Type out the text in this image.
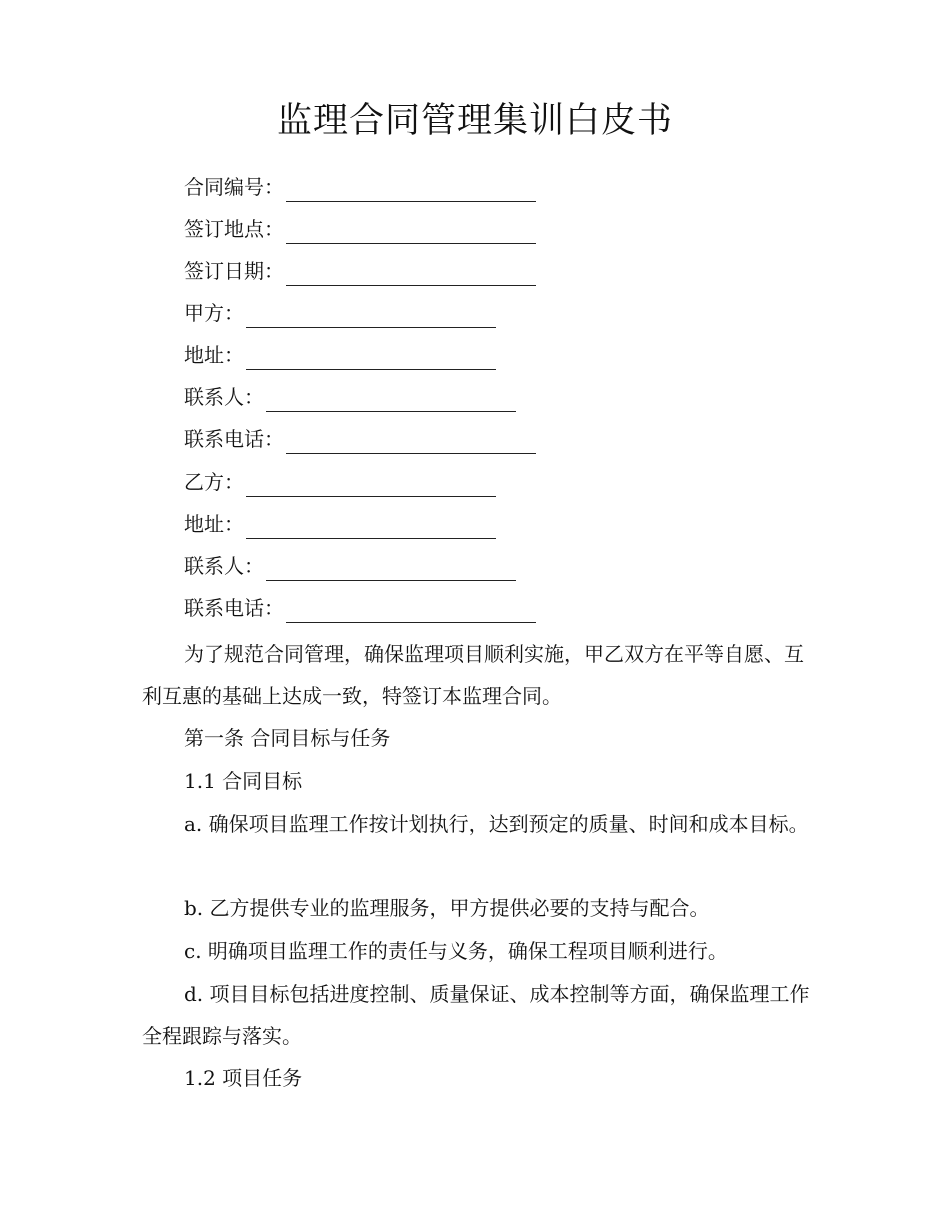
监理合同管理集训白皮书
合同编号：
签订地点：
签订日期：
甲方：
地址：
联系人：
联系电话：
乙方：
地址：
联系人：
联系电话：

为了规范合同管理，确保监理项目顺利实施，甲乙双方在平等自愿、互利互惠的基础上达成一致，特签订本监理合同。

第一条 合同目标与任务

1.1 合同目标

a. 确保项目监理工作按计划执行，达到预定的质量、时间和成本目标。

b. 乙方提供专业的监理服务，甲方提供必要的支持与配合。

c. 明确项目监理工作的责任与义务，确保工程项目顺利进行。

d. 项目目标包括进度控制、质量保证、成本控制等方面，确保监理工作全程跟踪与落实。

1.2 项目任务
